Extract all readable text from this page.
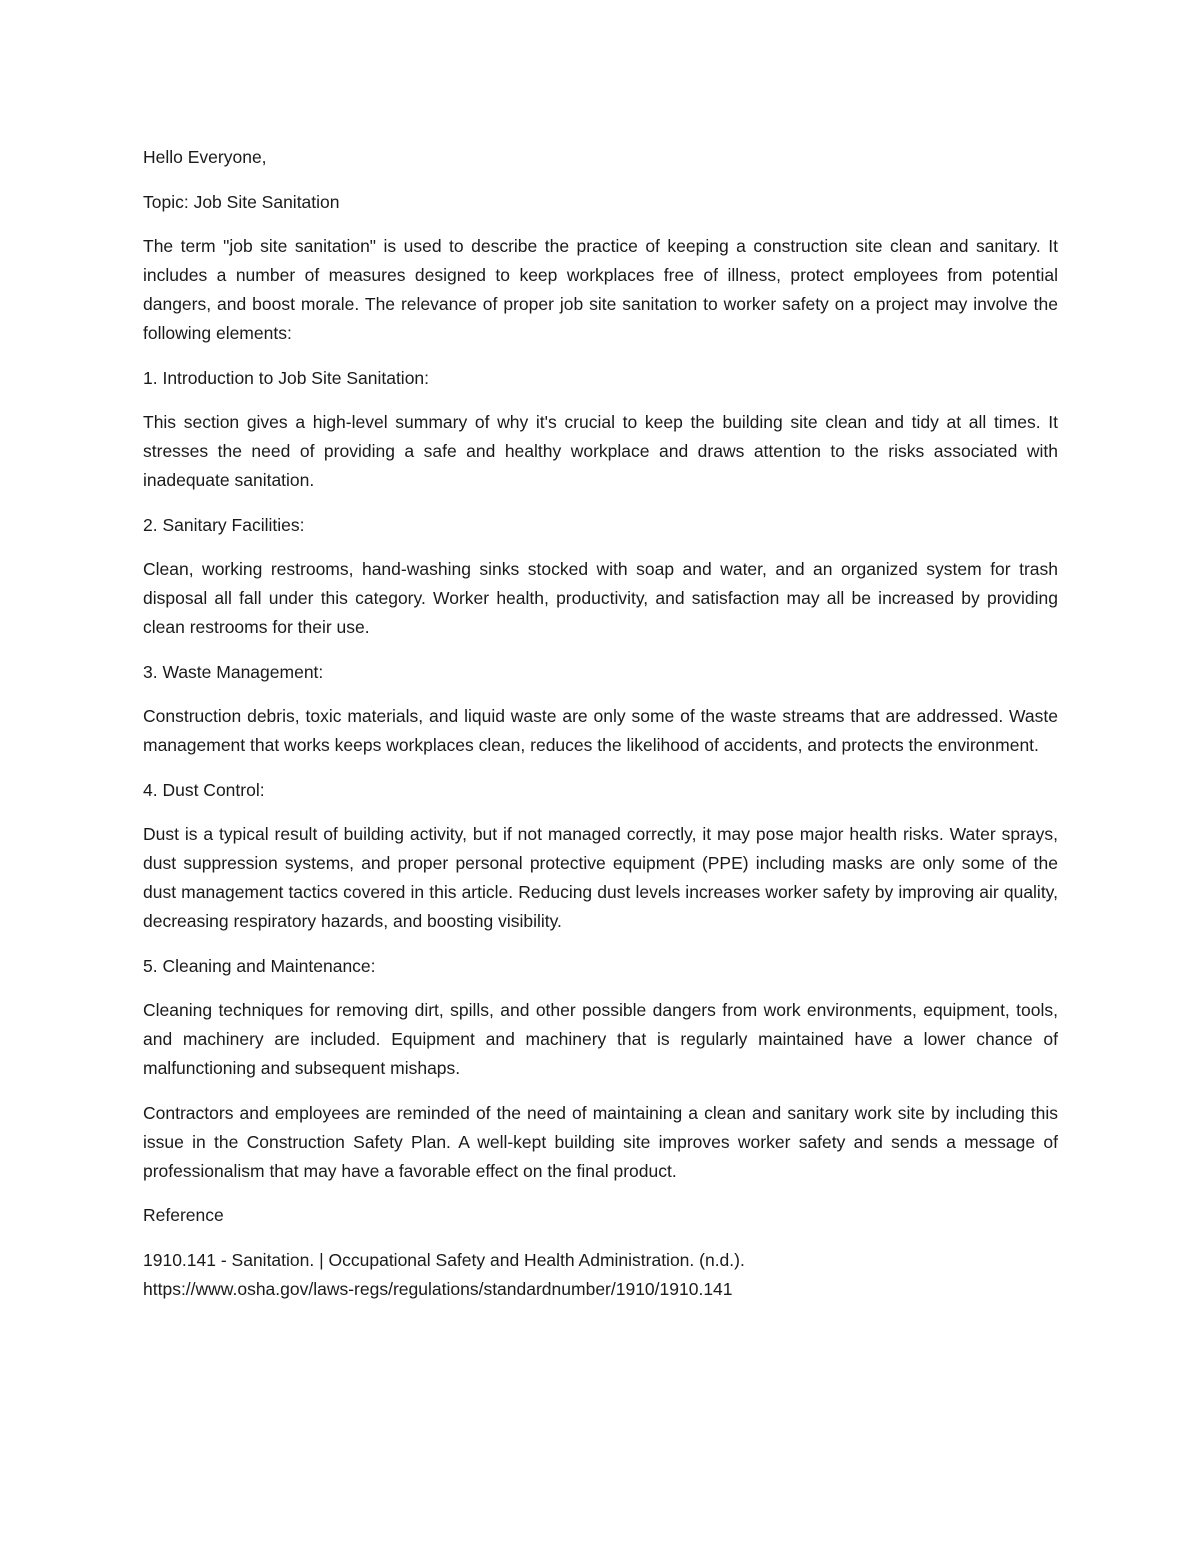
Hello Everyone,

Topic: Job Site Sanitation

The term "job site sanitation" is used to describe the practice of keeping a construction site clean and sanitary. It includes a number of measures designed to keep workplaces free of illness, protect employees from potential dangers, and boost morale. The relevance of proper job site sanitation to worker safety on a project may involve the following elements:

1. Introduction to Job Site Sanitation:

This section gives a high-level summary of why it's crucial to keep the building site clean and tidy at all times. It stresses the need of providing a safe and healthy workplace and draws attention to the risks associated with inadequate sanitation.

2. Sanitary Facilities:

Clean, working restrooms, hand-washing sinks stocked with soap and water, and an organized system for trash disposal all fall under this category. Worker health, productivity, and satisfaction may all be increased by providing clean restrooms for their use.

3. Waste Management:

Construction debris, toxic materials, and liquid waste are only some of the waste streams that are addressed. Waste management that works keeps workplaces clean, reduces the likelihood of accidents, and protects the environment.

4. Dust Control:

Dust is a typical result of building activity, but if not managed correctly, it may pose major health risks. Water sprays, dust suppression systems, and proper personal protective equipment (PPE) including masks are only some of the dust management tactics covered in this article. Reducing dust levels increases worker safety by improving air quality, decreasing respiratory hazards, and boosting visibility.

5. Cleaning and Maintenance:

Cleaning techniques for removing dirt, spills, and other possible dangers from work environments, equipment, tools, and machinery are included. Equipment and machinery that is regularly maintained have a lower chance of malfunctioning and subsequent mishaps.

Contractors and employees are reminded of the need of maintaining a clean and sanitary work site by including this issue in the Construction Safety Plan. A well-kept building site improves worker safety and sends a message of professionalism that may have a favorable effect on the final product.

Reference

1910.141 - Sanitation. | Occupational Safety and Health Administration. (n.d.).

https://www.osha.gov/laws-regs/regulations/standardnumber/1910/1910.141
